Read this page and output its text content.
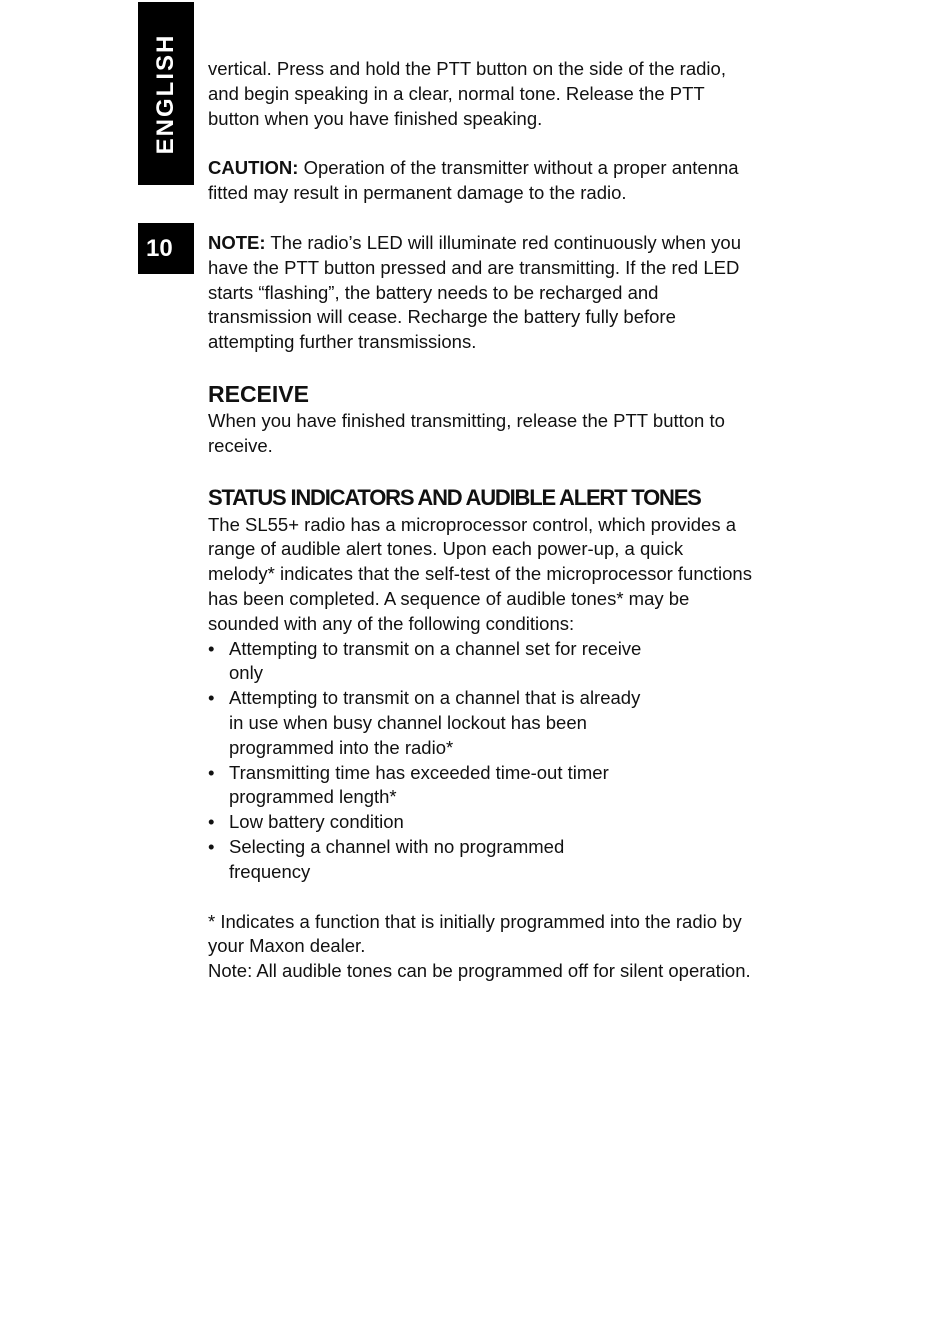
ENGLISH
10

vertical. Press and hold the PTT button on the side of the radio, and begin speaking in a clear, normal tone. Release the PTT button when you have finished speaking.

CAUTION: Operation of the transmitter without a proper antenna fitted may result in permanent damage to the radio.

NOTE: The radio’s LED will illuminate red continuously when you have the PTT button pressed and are transmitting. If the red LED starts “flashing”, the battery needs to be recharged and transmission will cease. Recharge the battery fully before attempting further transmissions.

RECEIVE

When you have finished transmitting, release the PTT button to receive.

STATUS INDICATORS AND AUDIBLE ALERT TONES

The SL55+ radio has a microprocessor control, which provides a range of audible alert tones. Upon each power-up, a quick melody* indicates that the self-test of the microprocessor functions has been completed. A sequence of audible tones* may be sounded with any of the following conditions:

• Attempting to transmit on a channel set for receive only
• Attempting to transmit on a channel that is already in use when busy channel lockout has been programmed into the radio*
• Transmitting time has exceeded time-out timer programmed length*
• Low battery condition
• Selecting a channel with no programmed frequency

* Indicates a function that is initially programmed into the radio by your Maxon dealer.

Note: All audible tones can be programmed off for silent operation.
